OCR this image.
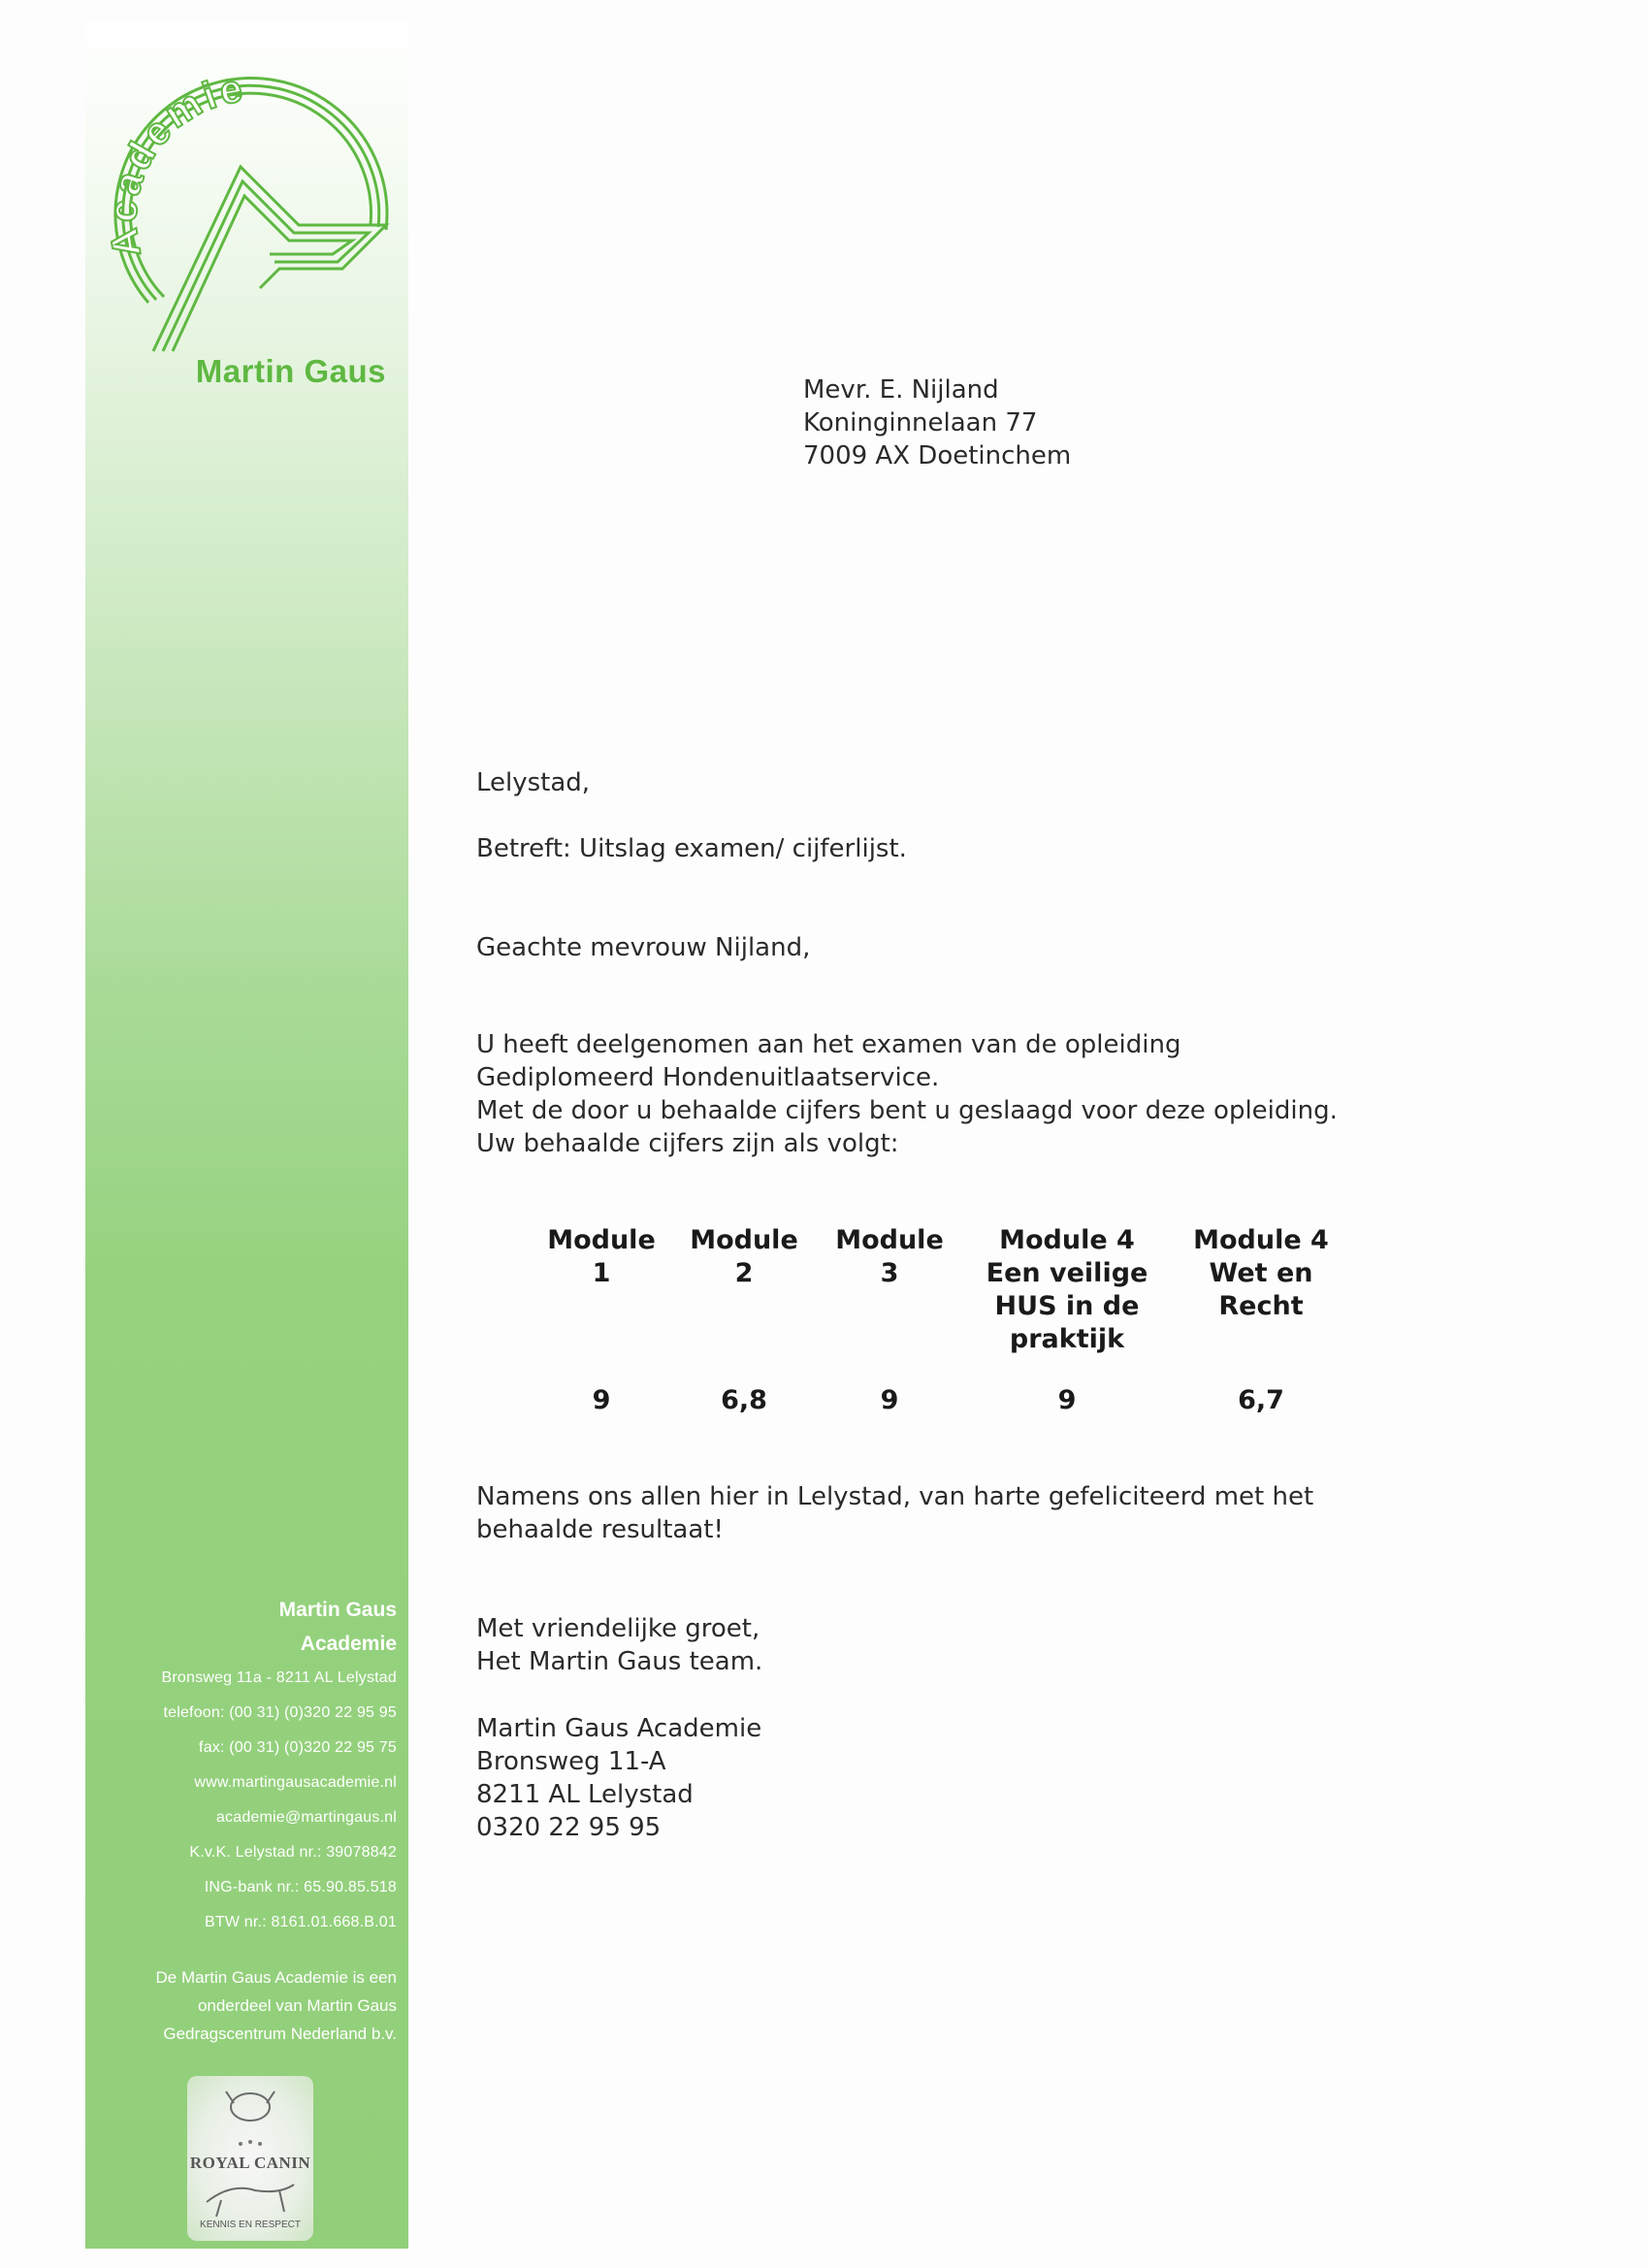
Academie
Martin Gaus
Martin Gaus
Academie
Bronsweg 11a - 8211 AL Lelystad
telefoon: (00 31) (0)320 22 95 95
fax: (00 31) (0)320 22 95 75
www.martingausacademie.nl
academie@martingaus.nl
K.v.K. Lelystad nr.: 39078842
ING-bank nr.: 65.90.85.518
BTW nr.: 8161.01.668.B.01
De Martin Gaus Academie is een
onderdeel van Martin Gaus
Gedragscentrum Nederland b.v.
ROYAL CANIN
KENNIS EN RESPECT
Mevr. E. Nijland
Koninginnelaan 77
7009 AX Doetinchem
Lelystad,
Betreft: Uitslag examen/ cijferlijst.
Geachte mevrouw Nijland,
U heeft deelgenomen aan het examen van de opleiding
Gediplomeerd Hondenuitlaatservice.
Met de door u behaalde cijfers bent u geslaagd voor deze opleiding.
Uw behaalde cijfers zijn als volgt:
Module
1
9
Module
2
6,8
Module
3
9
Module 4
Een veilige
HUS in de
praktijk
9
Module 4
Wet en
Recht
6,7
Namens ons allen hier in Lelystad, van harte gefeliciteerd met het
behaalde resultaat!
Met vriendelijke groet,
Het Martin Gaus team.
Martin Gaus Academie
Bronsweg 11-A
8211 AL Lelystad
0320 22 95 95
